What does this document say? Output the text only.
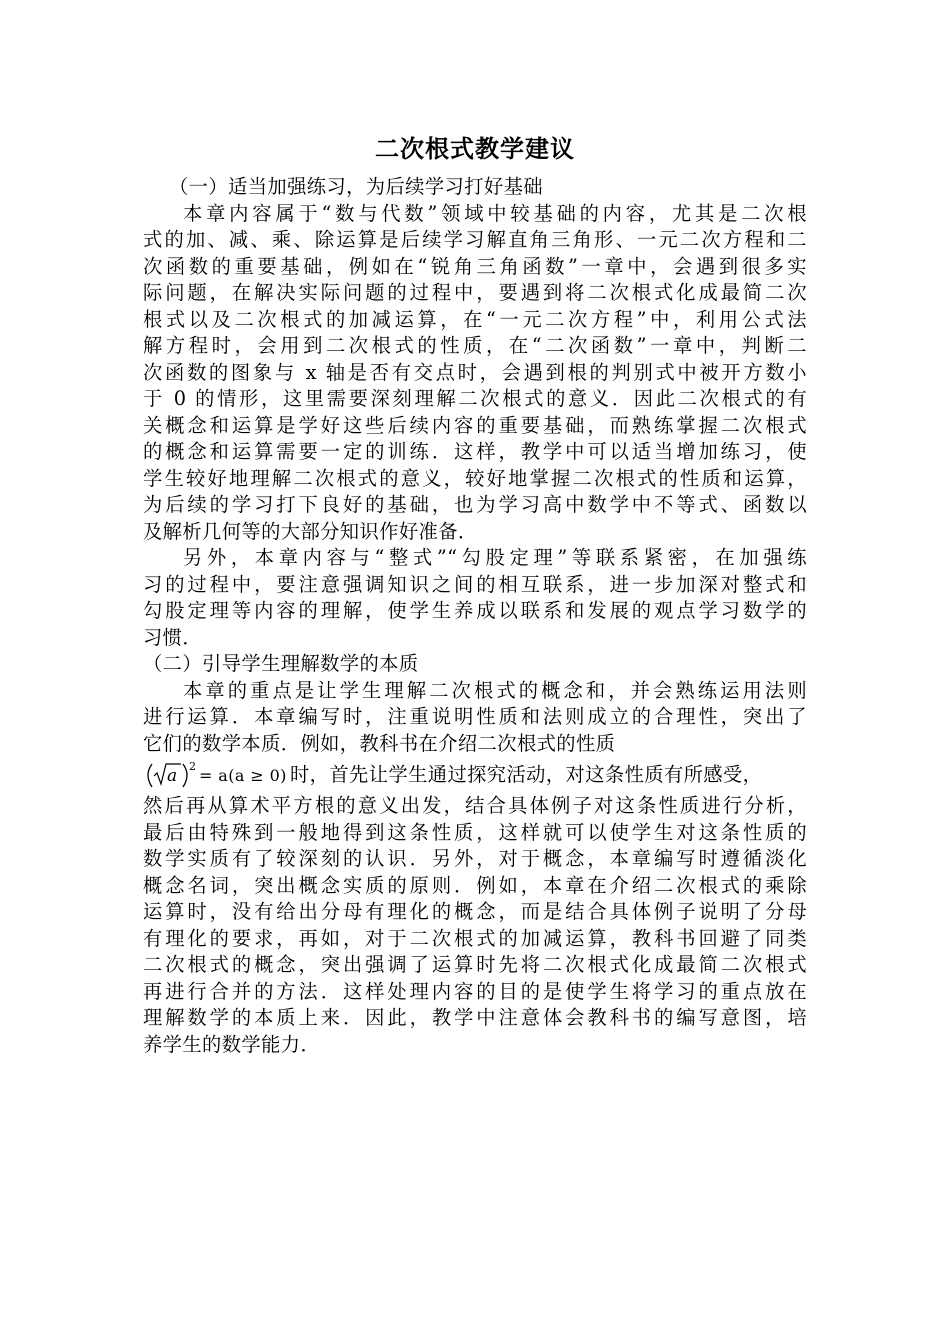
二次根式教学建议
（一）适当加强练习，为后续学习打好基础
本章内容属于“数与代数”领域中较基础的内容，尤其是二次根
式的加、减、乘、除运算是后续学习解直角三角形、一元二次方程和二
次函数的重要基础，例如在“锐角三角函数”一章中，会遇到很多实
际问题，在解决实际问题的过程中，要遇到将二次根式化成最简二次
根式以及二次根式的加减运算，在“一元二次方程”中，利用公式法
解方程时，会用到二次根式的性质，在“二次函数”一章中，判断二
次函数的图象与 x 轴是否有交点时，会遇到根的判别式中被开方数小
于 0 的情形，这里需要深刻理解二次根式的意义．因此二次根式的有
关概念和运算是学好这些后续内容的重要基础，而熟练掌握二次根式
的概念和运算需要一定的训练．这样，教学中可以适当增加练习，使
学生较好地理解二次根式的意义，较好地掌握二次根式的性质和运算，
为后续的学习打下良好的基础，也为学习高中数学中不等式、函数以
及解析几何等的大部分知识作好准备．
另外，本章内容与“整式”“勾股定理”等联系紧密，在加强练
习的过程中，要注意强调知识之间的相互联系，进一步加深对整式和
勾股定理等内容的理解，使学生养成以联系和发展的观点学习数学的
习惯．
（二）引导学生理解数学的本质
本章的重点是让学生理解二次根式的概念和，并会熟练运用法则
进行运算．本章编写时，注重说明性质和法则成立的合理性，突出了
它们的数学本质．例如，教科书在介绍二次根式的性质
a 2 = a(a ≥ 0) 时，首先让学生通过探究活动，对这条性质有所感受，
然后再从算术平方根的意义出发，结合具体例子对这条性质进行分析，
最后由特殊到一般地得到这条性质，这样就可以使学生对这条性质的
数学实质有了较深刻的认识．另外，对于概念，本章编写时遵循淡化
概念名词，突出概念实质的原则．例如，本章在介绍二次根式的乘除
运算时，没有给出分母有理化的概念，而是结合具体例子说明了分母
有理化的要求，再如，对于二次根式的加减运算，教科书回避了同类
二次根式的概念，突出强调了运算时先将二次根式化成最简二次根式
再进行合并的方法．这样处理内容的目的是使学生将学习的重点放在
理解数学的本质上来．因此，教学中注意体会教科书的编写意图，培
养学生的数学能力．
